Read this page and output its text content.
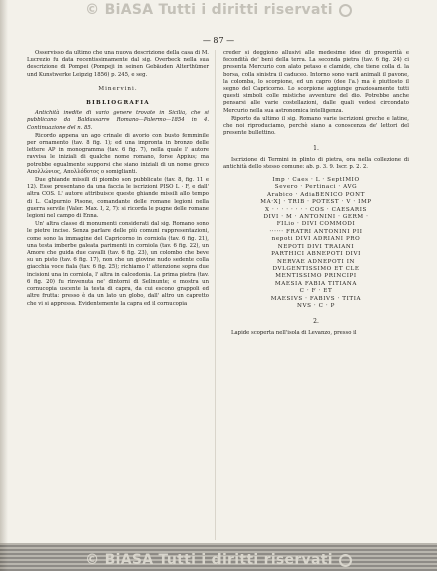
© BiASA Tutti i diritti riservati
— 87 —

Osservisso da ultimo che una nuova descrizione della casa di M. Lucrezio fu data recentissimamente dal sig. Overbeck nella sua descrizione di Pompei (Pompeji in seinen Gebäuden Alterthümer und Kunstwerke Leipzig 1856) p. 245, e seg.

Minervini.
BIBLIOGRAFIA

Antichità inedite di vario genere trovate in Sicilia, che si pubblicano da Baldassarre Romano—Palermo—1854 in 4. Continuazione del n. 85.

Ricordo appena un ago crinale di avorio con busto femminile per ornamento (tav. 8 fig. 1); ed una impronta in bronzo delle lettere AP in monogramma (tav. 6 fig. 7), nella quale l' autore ravvisa le iniziali di qualche nome romano, forse Appius; ma potrebbe egualmente supporsi che siano iniziali di un nome greco Απολλώνιος, Απολλόδοτος o somiglianti.

Due ghiande missili di piombo son pubblicate (tav. 8, fig. 11 e 12). Esse presentano da una faccia le iscrizioni PISO L · F, e dall' altra COS. L' autore attribuisce queste ghiande missili allo tempo di L. Calpurnio Pisone, comandante delle romane legioni nella guerra servile (Valer. Max. I, 2, 7): si ricorda le pugne delle romane legioni nel campo di Enna.

Un' altra classe di monumenti considerati dal sig. Romano sono le pietre incise. Senza parlare delle più comuni rappresentazioni, come sono la immagine del Capricorno in corniola (tav. 6 fig. 21), una testa imberbe galeata parimenti in corniola (tav. 6 fig. 22), un Amore che guida due cavalli (tav. 6 fig. 23), un colombo che beve su un pisto (tav. 6 fig. 17), non che un giovine nudo sedente colla giacchia voce fiala (tav. 6 fig. 25); richiamo l' attenzione sopra due incisioni una in corniola, l' altra in calcedonia. La prima pietra (tav. 6 fig. 20) fu rinvenuta ne' dintorni di Selinunte; e mostra un cornucopia uscente la testa di capra, da cui escono grappoli ed altre frutta: presso è da un lato un globo, dall' altro un capretto che vi si appressa. Evidentemente la capra ed il cornucopia

creder si deggiono allusivi alle medesime idee di prosperità e fecondità de' beni della terra. La seconda pietra (tav. 6 fig. 24) ci presenta Mercurio con alato petaso e clamide, che tiene colla d. la borsa, colla sinistra il caduceo. Intorno sono varii animali il pavone, la colomba, lo scorpione, ed un capro (dee l'a.) ma è piuttosto il segno del Capricorno. Lo scorpione aggiunge graziosamente tutti questi simboli colle mistiche avventure del dio. Potrebbe anche pensarsi alle varie costellazioni, dalle quali vedesi circondato Mercurio nella sua astronomica intelligenza.

Riporto da ultimo il sig. Romano varie iscrizioni greche e latine, che noi riproduciamo, perchè siano a conoscenza de' lettori del presente bullettino.

1.

Iscrizione di Termini in plinto di pietra, ora nella collezione di antichità dello stesso comune: ab. p. 3. 9. Iscr. p. 2. 2.

Imp · Caes · L · SeptIMIO
Severo · Pertinaci · AVG
Arabico · AdiaBENICO PONT
MA·X] · TRIB · POTEST · V · IMP
X · · · · · · · · COS · CAESARIS
DIVI · M · ANTONINI · GERM ·
FILio · DIVI COMMODI
······ FRATRI ANTONINI PII
nepoti DIVI ADRIANI PRO
NEPOTI DIVI TRAIANI
PARTHICI ABNEPOTI DIVI
NERVAE ADNEPOTI IN
DVLGENTISSIMO ET CLE
MENTISSIMO PRINCIPI
MAESIA FABIA TITIANA
C · F · ET
MAESIVS · FABIVS · TITIA
NVS · C · P
2.

Lapide scoperta nell'isola di Levanzo, presso il

© BiASA Tutti i diritti riservati
